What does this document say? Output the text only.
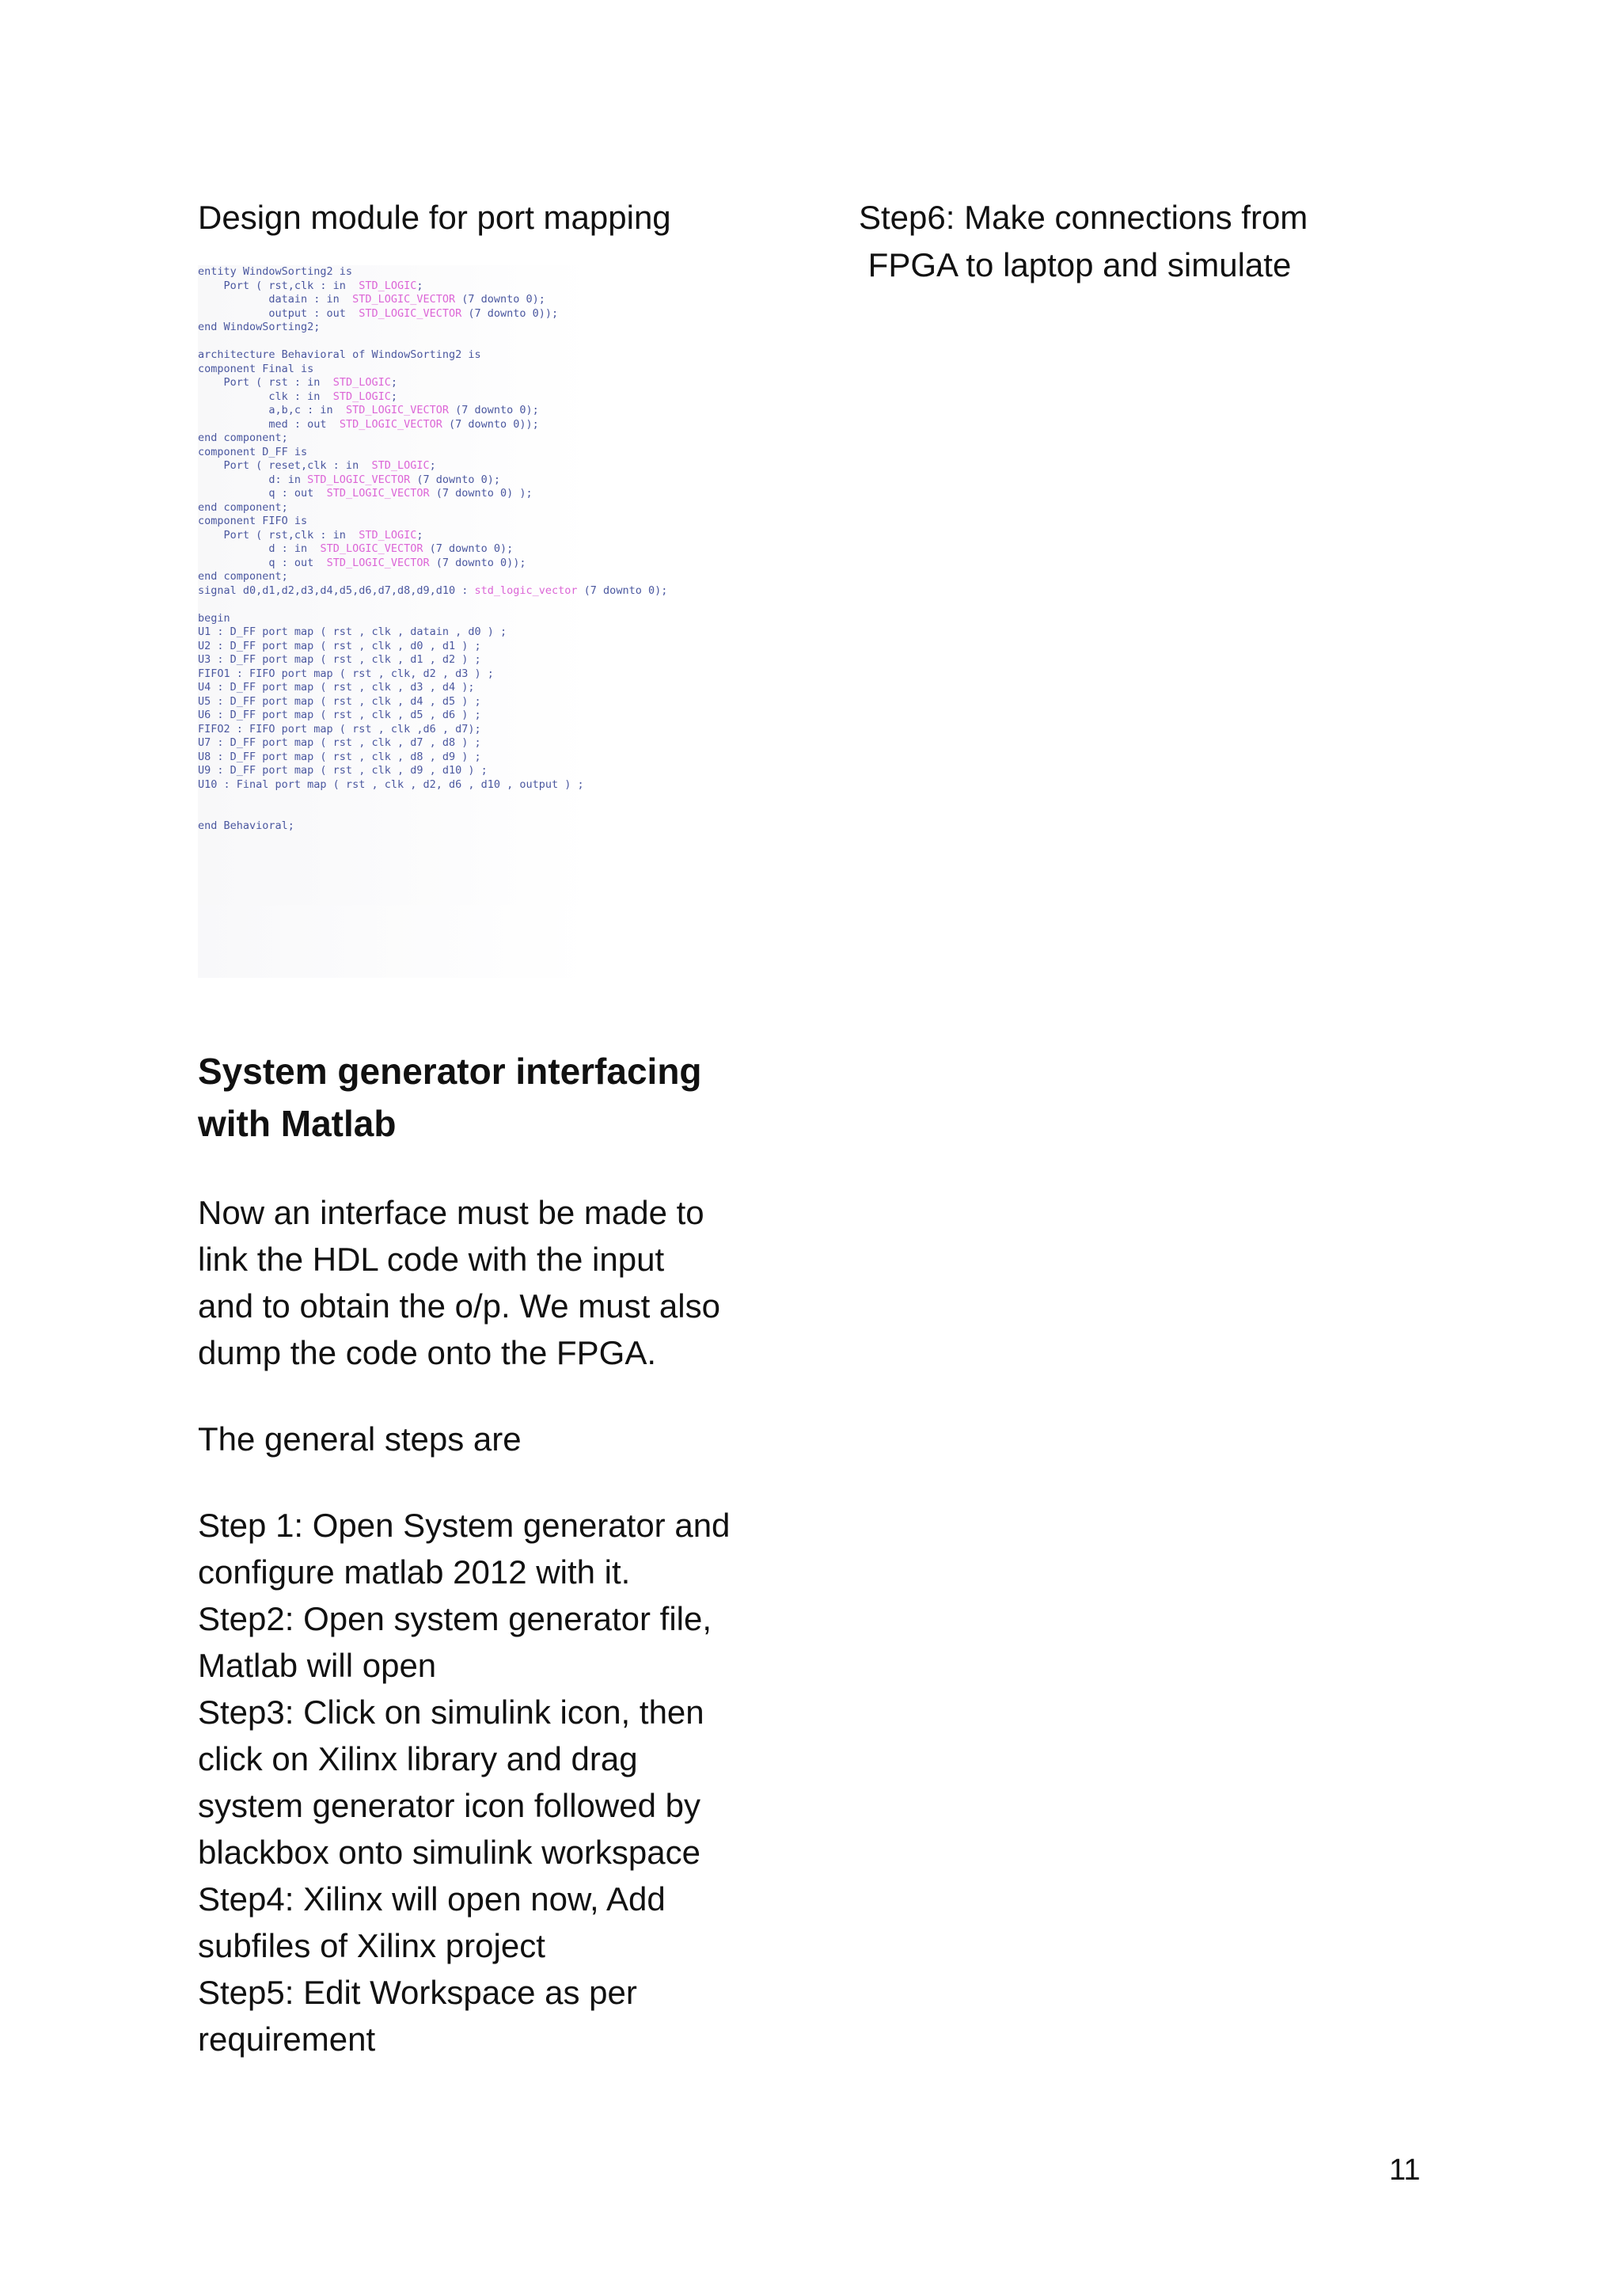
Design module for port mapping

entity WindowSorting2 is
Port ( rst,clk : in  STD_LOGIC;
datain : in  STD_LOGIC_VECTOR (7 downto 0);
output : out  STD_LOGIC_VECTOR (7 downto 0));
end WindowSorting2;
architecture Behavioral of WindowSorting2 is
component Final is
Port ( rst : in  STD_LOGIC;
clk : in  STD_LOGIC;
a,b,c : in  STD_LOGIC_VECTOR (7 downto 0);
med : out  STD_LOGIC_VECTOR (7 downto 0));
end component;
component D_FF is
Port ( reset,clk : in  STD_LOGIC;
d: in STD_LOGIC_VECTOR (7 downto 0);
q : out  STD_LOGIC_VECTOR (7 downto 0) );
end component;
component FIFO is
Port ( rst,clk : in  STD_LOGIC;
d : in  STD_LOGIC_VECTOR (7 downto 0);
q : out  STD_LOGIC_VECTOR (7 downto 0));
end component;
signal d0,d1,d2,d3,d4,d5,d6,d7,d8,d9,d10 : std_logic_vector (7 downto 0);
begin
U1 : D_FF port map ( rst , clk , datain , d0 ) ;
U2 : D_FF port map ( rst , clk , d0 , d1 ) ;
U3 : D_FF port map ( rst , clk , d1 , d2 ) ;
FIFO1 : FIFO port map ( rst , clk, d2 , d3 ) ;
U4 : D_FF port map ( rst , clk , d3 , d4 );
U5 : D_FF port map ( rst , clk , d4 , d5 ) ;
U6 : D_FF port map ( rst , clk , d5 , d6 ) ;
FIFO2 : FIFO port map ( rst , clk ,d6 , d7);
U7 : D_FF port map ( rst , clk , d7 , d8 ) ;
U8 : D_FF port map ( rst , clk , d8 , d9 ) ;
U9 : D_FF port map ( rst , clk , d9 , d10 ) ;
U10 : Final port map ( rst , clk , d2, d6 , d10 , output ) ;
end Behavioral;
System generator interfacing
with Matlab
Now an interface must be made to
link the HDL code with the input
and to obtain the o/p. We must also
dump the code onto the FPGA.
The general steps are
Step 1: Open System generator and
configure matlab 2012 with it.
Step2: Open system generator file,
Matlab will open
Step3: Click on simulink icon, then
click on Xilinx library and drag
system generator icon followed by
blackbox onto simulink workspace
Step4: Xilinx will open now, Add
subfiles of Xilinx project
Step5: Edit Workspace as per
requirement

Step6: Make connections from

FPGA to laptop and simulate

11
